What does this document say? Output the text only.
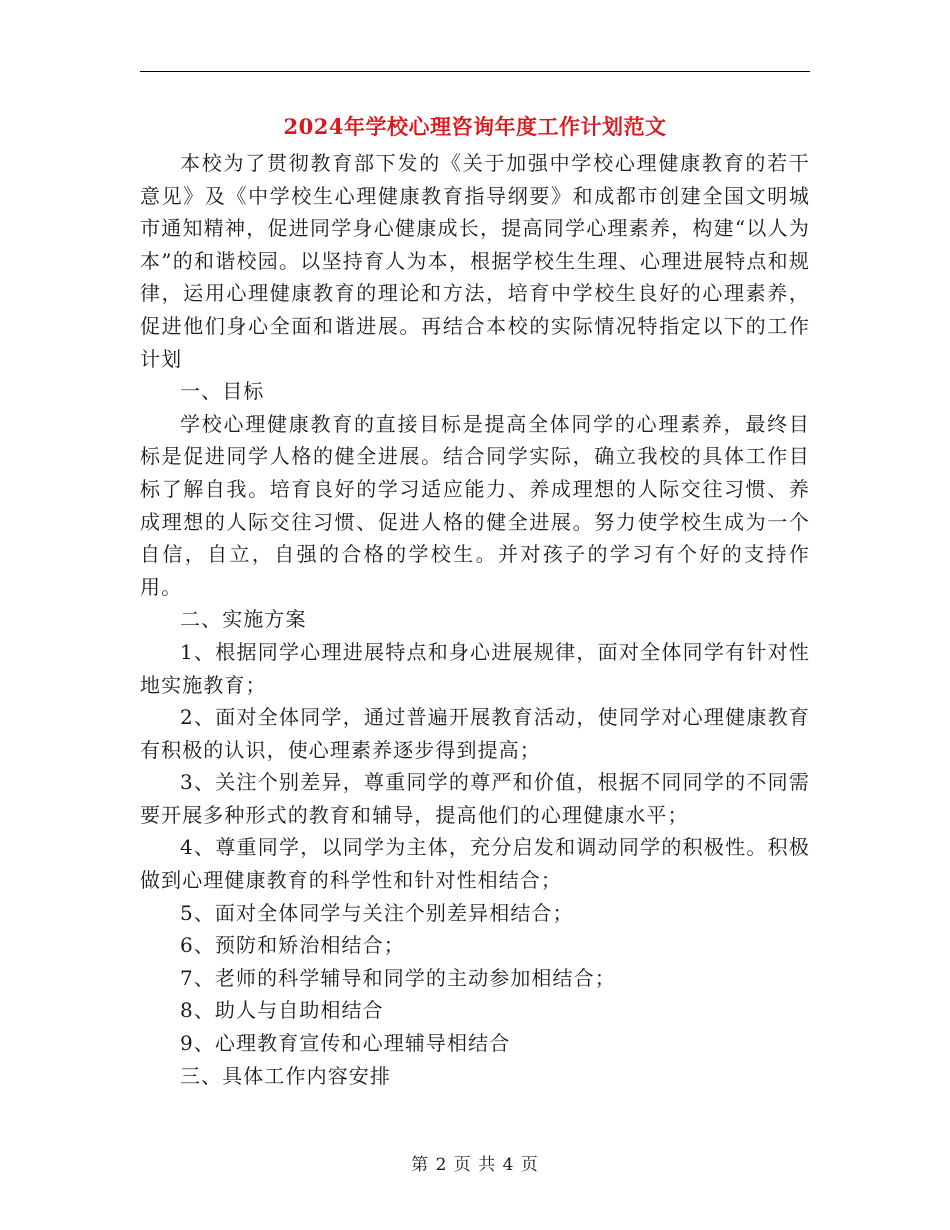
2024年学校心理咨询年度工作计划范文

本校为了贯彻教育部下发的《关于加强中学校心理健康教育的若干意见》及《中学校生心理健康教育指导纲要》和成都市创建全国文明城市通知精神，促进同学身心健康成长，提高同学心理素养，构建“以人为本”的和谐校园。以坚持育人为本，根据学校生生理、心理进展特点和规律，运用心理健康教育的理论和方法，培育中学校生良好的心理素养，促进他们身心全面和谐进展。再结合本校的实际情况特指定以下的工作计划

一、目标

学校心理健康教育的直接目标是提高全体同学的心理素养，最终目标是促进同学人格的健全进展。结合同学实际，确立我校的具体工作目标了解自我。培育良好的学习适应能力、养成理想的人际交往习惯、养成理想的人际交往习惯、促进人格的健全进展。努力使学校生成为一个自信，自立，自强的合格的学校生。并对孩子的学习有个好的支持作用。

二、实施方案

1、根据同学心理进展特点和身心进展规律，面对全体同学有针对性地实施教育；

2、面对全体同学，通过普遍开展教育活动，使同学对心理健康教育有积极的认识，使心理素养逐步得到提高；

3、关注个别差异，尊重同学的尊严和价值，根据不同同学的不同需要开展多种形式的教育和辅导，提高他们的心理健康水平；

4、尊重同学，以同学为主体，充分启发和调动同学的积极性。积极做到心理健康教育的科学性和针对性相结合；

5、面对全体同学与关注个别差异相结合；

6、预防和矫治相结合；

7、老师的科学辅导和同学的主动参加相结合；

8、助人与自助相结合

9、心理教育宣传和心理辅导相结合

三、具体工作内容安排

第 2 页 共 4 页
